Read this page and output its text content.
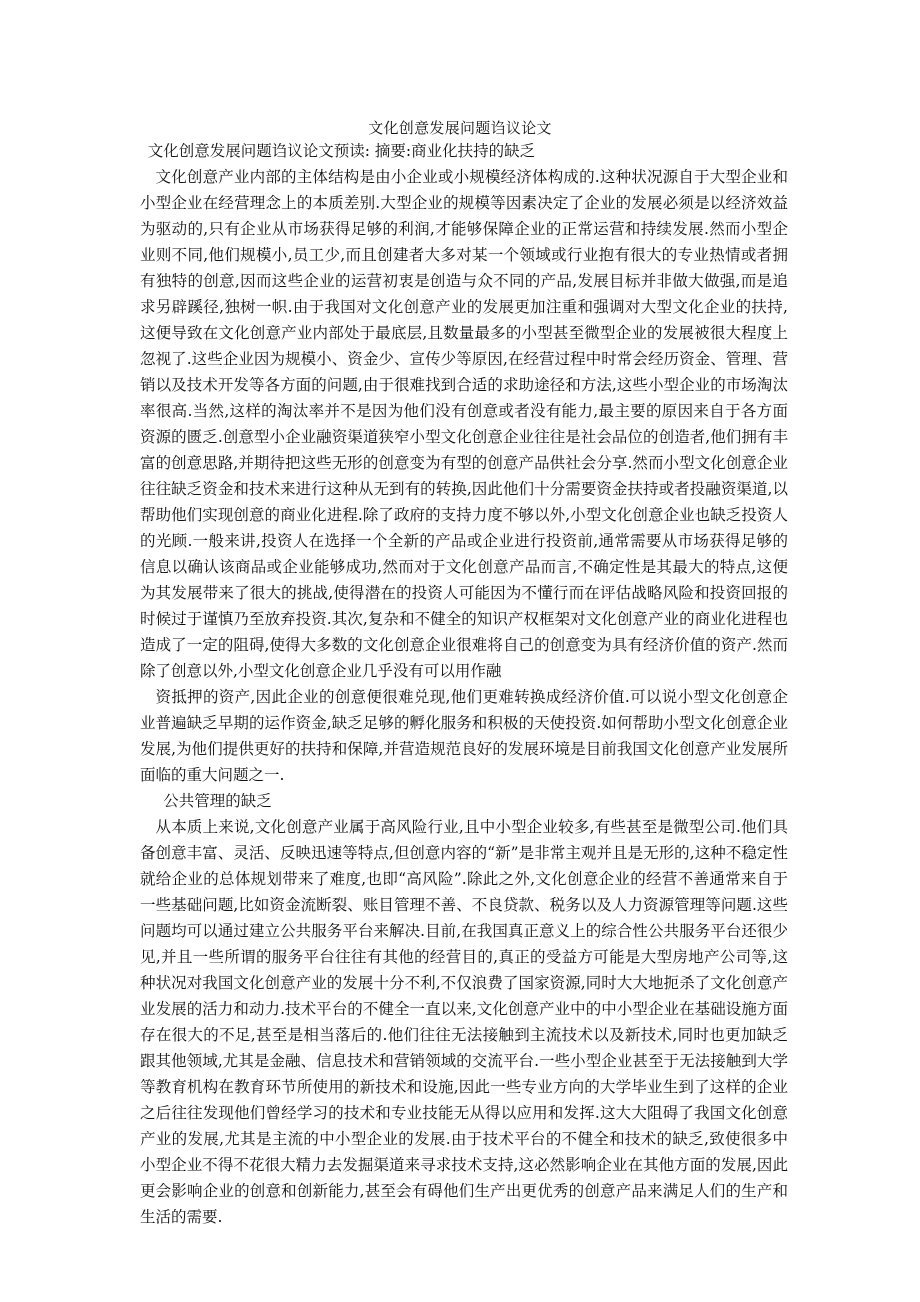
文化创意发展问题诌议论文

文化创意发展问题诌议论文预读: 摘要:商业化扶持的缺乏

文化创意产业内部的主体结构是由小企业或小规模经济体构成的.这种状况源自于大型企业和小型企业在经营理念上的本质差别.大型企业的规模等因素决定了企业的发展必须是以经济效益为驱动的,只有企业从市场获得足够的利润,才能够保障企业的正常运营和持续发展.然而小型企业则不同,他们规模小,员工少,而且创建者大多对某一个领域或行业抱有很大的专业热情或者拥有独特的创意,因而这些企业的运营初衷是创造与众不同的产品,发展目标并非做大做强,而是追求另辟蹊径,独树一帜.由于我国对文化创意产业的发展更加注重和强调对大型文化企业的扶持,这便导致在文化创意产业内部处于最底层,且数量最多的小型甚至微型企业的发展被很大程度上忽视了.这些企业因为规模小、资金少、宣传少等原因,在经营过程中时常会经历资金、管理、营销以及技术开发等各方面的问题,由于很难找到合适的求助途径和方法,这些小型企业的市场淘汰率很高.当然,这样的淘汰率并不是因为他们没有创意或者没有能力,最主要的原因来自于各方面资源的匮乏.创意型小企业融资渠道狭窄小型文化创意企业往往是社会品位的创造者,他们拥有丰富的创意思路,并期待把这些无形的创意变为有型的创意产品供社会分享.然而小型文化创意企业往往缺乏资金和技术来进行这种从无到有的转换,因此他们十分需要资金扶持或者投融资渠道,以帮助他们实现创意的商业化进程.除了政府的支持力度不够以外,小型文化创意企业也缺乏投资人的光顾.一般来讲,投资人在选择一个全新的产品或企业进行投资前,通常需要从市场获得足够的信息以确认该商品或企业能够成功,然而对于文化创意产品而言,不确定性是其最大的特点,这便为其发展带来了很大的挑战,使得潜在的投资人可能因为不懂行而在评估战略风险和投资回报的时候过于谨慎乃至放弃投资.其次,复杂和不健全的知识产权框架对文化创意产业的商业化进程也造成了一定的阻碍,使得大多数的文化创意企业很难将自己的创意变为具有经济价值的资产.然而除了创意以外,小型文化创意企业几乎没有可以用作融

资抵押的资产,因此企业的创意便很难兑现,他们更难转换成经济价值.可以说小型文化创意企业普遍缺乏早期的运作资金,缺乏足够的孵化服务和积极的天使投资.如何帮助小型文化创意企业发展,为他们提供更好的扶持和保障,并营造规范良好的发展环境是目前我国文化创意产业发展所面临的重大问题之一.

公共管理的缺乏

从本质上来说,文化创意产业属于高风险行业,且中小型企业较多,有些甚至是微型公司.他们具备创意丰富、灵活、反映迅速等特点,但创意内容的“新”是非常主观并且是无形的,这种不稳定性就给企业的总体规划带来了难度,也即“高风险”.除此之外,文化创意企业的经营不善通常来自于一些基础问题,比如资金流断裂、账目管理不善、不良贷款、税务以及人力资源管理等问题.这些问题均可以通过建立公共服务平台来解决.目前,在我国真正意义上的综合性公共服务平台还很少见,并且一些所谓的服务平台往往有其他的经营目的,真正的受益方可能是大型房地产公司等,这种状况对我国文化创意产业的发展十分不利,不仅浪费了国家资源,同时大大地扼杀了文化创意产业发展的活力和动力.技术平台的不健全一直以来,文化创意产业中的中小型企业在基础设施方面存在很大的不足,甚至是相当落后的.他们往往无法接触到主流技术以及新技术,同时也更加缺乏跟其他领域,尤其是金融、信息技术和营销领域的交流平台.一些小型企业甚至于无法接触到大学等教育机构在教育环节所使用的新技术和设施,因此一些专业方向的大学毕业生到了这样的企业之后往往发现他们曾经学习的技术和专业技能无从得以应用和发挥.这大大阻碍了我国文化创意产业的发展,尤其是主流的中小型企业的发展.由于技术平台的不健全和技术的缺乏,致使很多中小型企业不得不花很大精力去发掘渠道来寻求技术支持,这必然影响企业在其他方面的发展,因此更会影响企业的创意和创新能力,甚至会有碍他们生产出更优秀的创意产品来满足人们的生产和生活的需要.
